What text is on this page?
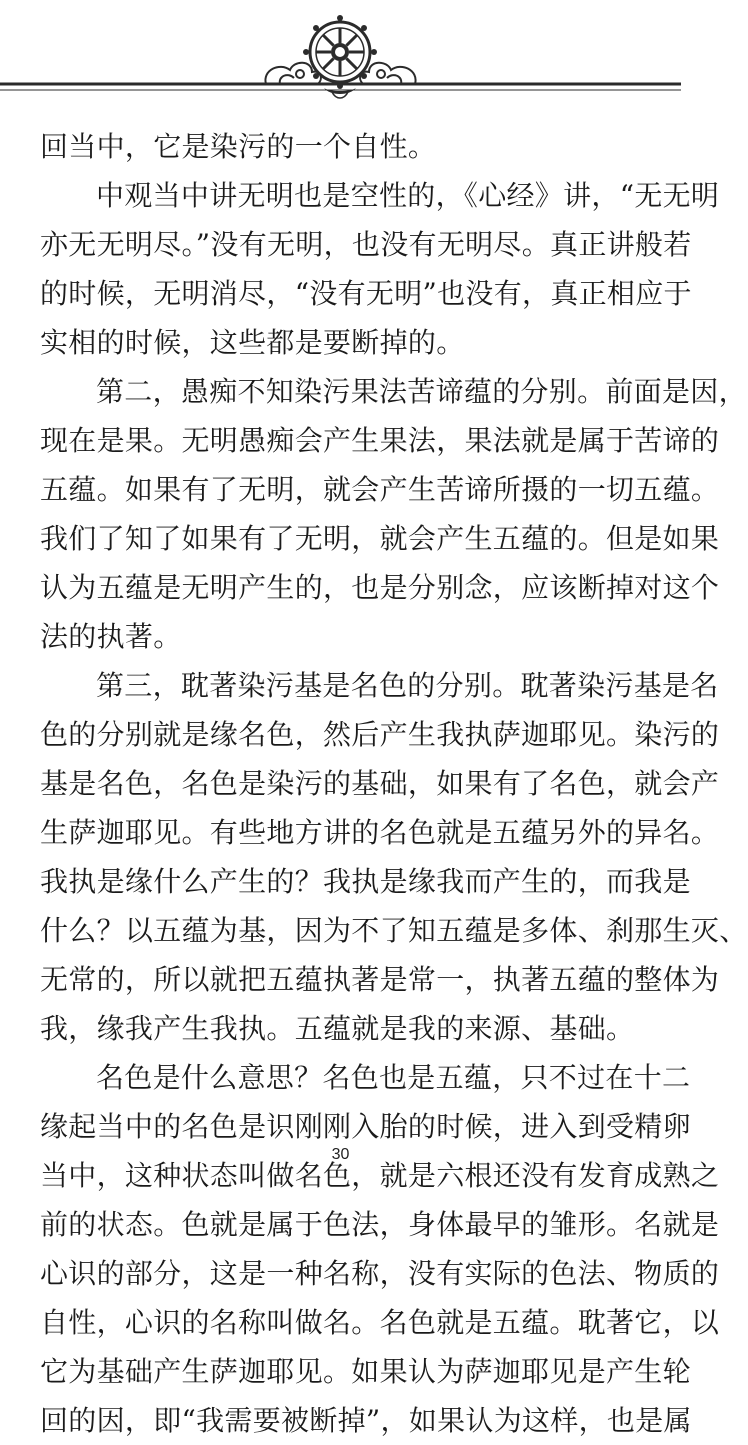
回当中，它是染污的一个自性。
中观当中讲无明也是空性的，《心经》讲，“无无明
亦无无明尽。”没有无明，也没有无明尽。真正讲般若
的时候，无明消尽，“没有无明”也没有，真正相应于
实相的时候，这些都是要断掉的。
第二，愚痴不知染污果法苦谛蕴的分别。前面是因，
现在是果。无明愚痴会产生果法，果法就是属于苦谛的
五蕴。如果有了无明，就会产生苦谛所摄的一切五蕴。
我们了知了如果有了无明，就会产生五蕴的。但是如果
认为五蕴是无明产生的，也是分别念，应该断掉对这个
法的执著。
第三，耽著染污基是名色的分别。耽著染污基是名
色的分别就是缘名色，然后产生我执萨迦耶见。染污的
基是名色，名色是染污的基础，如果有了名色，就会产
生萨迦耶见。有些地方讲的名色就是五蕴另外的异名。
我执是缘什么产生的？我执是缘我而产生的，而我是
什么？以五蕴为基，因为不了知五蕴是多体、刹那生灭、
无常的，所以就把五蕴执著是常一，执著五蕴的整体为
我，缘我产生我执。五蕴就是我的来源、基础。
名色是什么意思？名色也是五蕴，只不过在十二
缘起当中的名色是识刚刚入胎的时候，进入到受精卵
当中，这种状态叫做名色，就是六根还没有发育成熟之
前的状态。色就是属于色法，身体最早的雏形。名就是
心识的部分，这是一种名称，没有实际的色法、物质的
自性，心识的名称叫做名。名色就是五蕴。耽著它，以
它为基础产生萨迦耶见。如果认为萨迦耶见是产生轮
回的因，即“我需要被断掉”，如果认为这样，也是属
30
